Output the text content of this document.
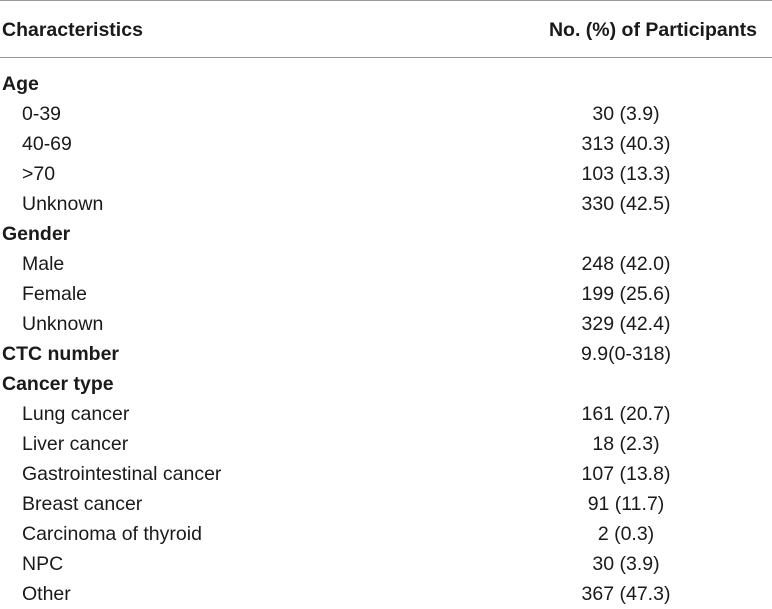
Characteristics	No. (%) of Participants
Age
0-39	30 (3.9)
40-69	313 (40.3)
>70	103 (13.3)
Unknown	330 (42.5)
Gender
Male	248 (42.0)
Female	199 (25.6)
Unknown	329 (42.4)
CTC number	9.9(0-318)
Cancer type
Lung cancer	161 (20.7)
Liver cancer	18 (2.3)
Gastrointestinal cancer	107 (13.8)
Breast cancer	91 (11.7)
Carcinoma of thyroid	2 (0.3)
NPC	30 (3.9)
Other	367 (47.3)
